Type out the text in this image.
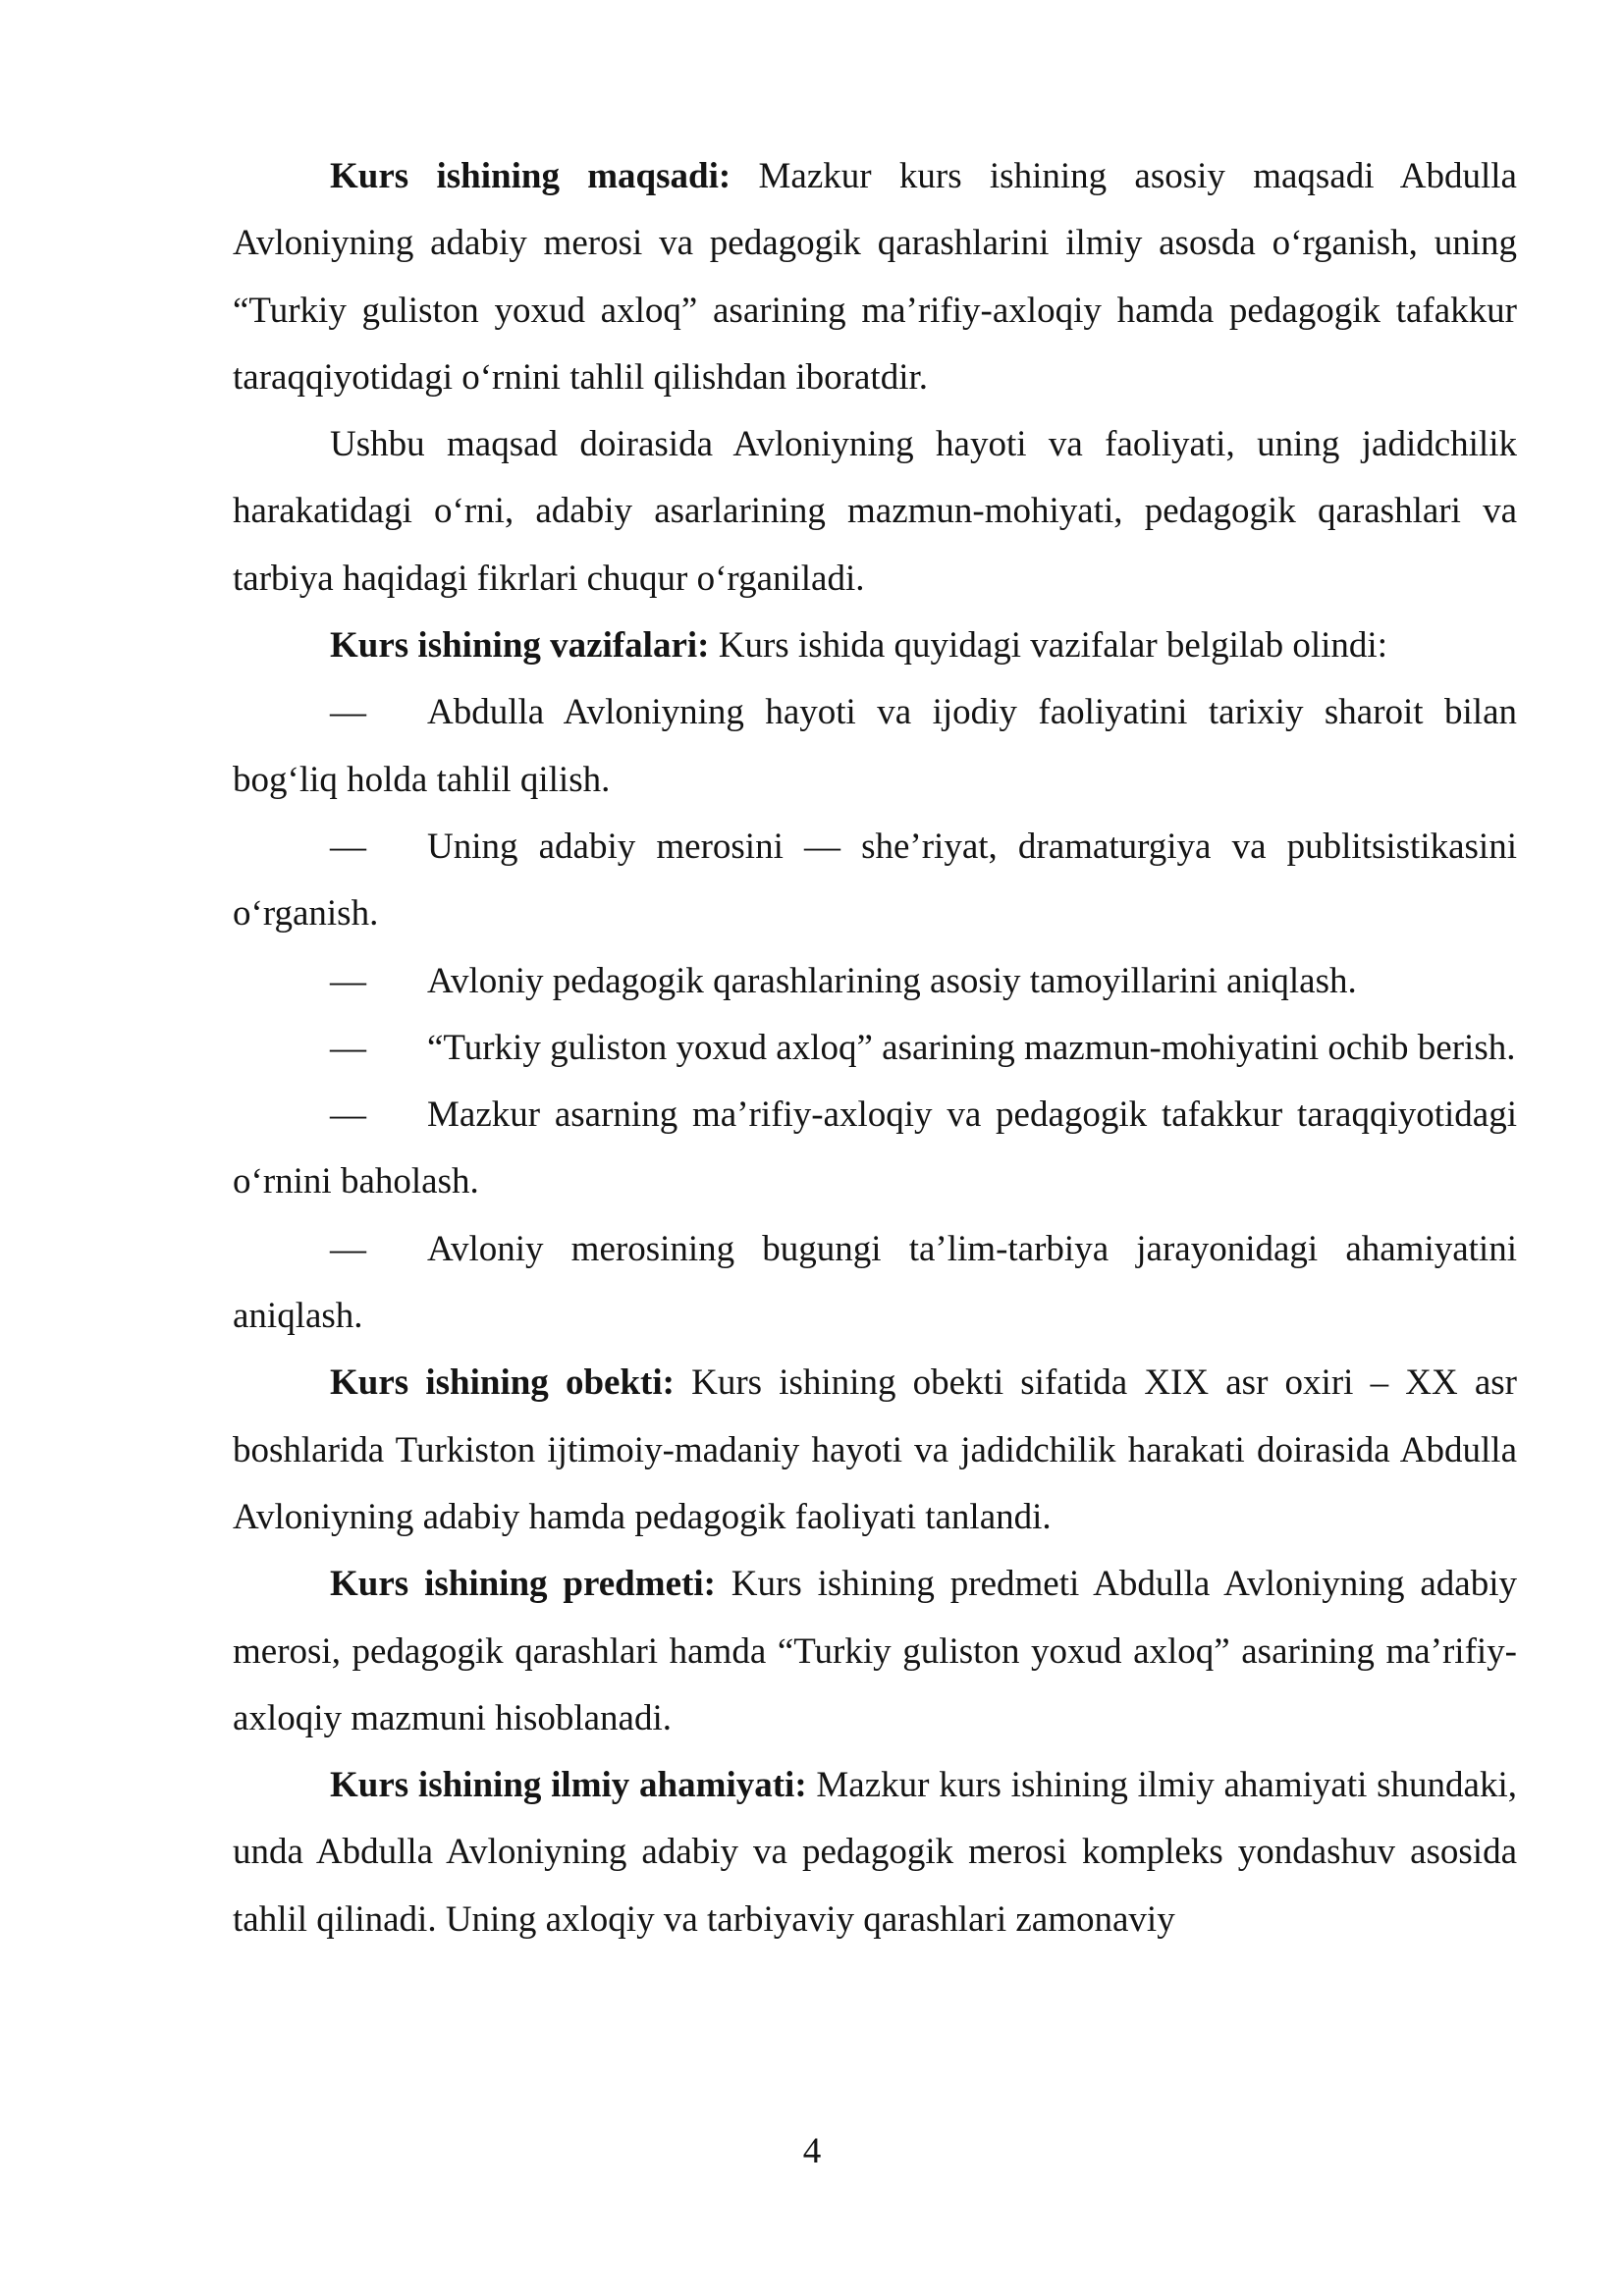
Kurs ishining maqsadi: Mazkur kurs ishining asosiy maqsadi Abdulla Avloniyning adabiy merosi va pedagogik qarashlarini ilmiy asosda o‘rganish, uning “Turkiy guliston yoxud axloq” asarining ma’rifiy-axloqiy hamda pedagogik tafakkur taraqqiyotidagi o‘rnini tahlil qilishdan iboratdir.

Ushbu maqsad doirasida Avloniyning hayoti va faoliyati, uning jadidchilik harakatidagi o‘rni, adabiy asarlarining mazmun-mohiyati, pedagogik qarashlari va tarbiya haqidagi fikrlari chuqur o‘rganiladi.

Kurs ishining vazifalari: Kurs ishida quyidagi vazifalar belgilab olindi:

— Abdulla Avloniyning hayoti va ijodiy faoliyatini tarixiy sharoit bilan bog‘liq holda tahlil qilish.

— Uning adabiy merosini — she’riyat, dramaturgiya va publitsistikasini o‘rganish.

— Avloniy pedagogik qarashlarining asosiy tamoyillarini aniqlash.

— “Turkiy guliston yoxud axloq” asarining mazmun-mohiyatini ochib berish.

— Mazkur asarning ma’rifiy-axloqiy va pedagogik tafakkur taraqqiyotidagi o‘rnini baholash.

— Avloniy merosining bugungi ta’lim-tarbiya jarayonidagi ahamiyatini aniqlash.

Kurs ishining obekti: Kurs ishining obekti sifatida XIX asr oxiri – XX asr boshlarida Turkiston ijtimoiy-madaniy hayoti va jadidchilik harakati doirasida Abdulla Avloniyning adabiy hamda pedagogik faoliyati tanlandi.

Kurs ishining predmeti: Kurs ishining predmeti Abdulla Avloniyning adabiy merosi, pedagogik qarashlari hamda “Turkiy guliston yoxud axloq” asarining ma’rifiy-axloqiy mazmuni hisoblanadi.

Kurs ishining ilmiy ahamiyati: Mazkur kurs ishining ilmiy ahamiyati shundaki, unda Abdulla Avloniyning adabiy va pedagogik merosi kompleks yondashuv asosida tahlil qilinadi. Uning axloqiy va tarbiyaviy qarashlari zamonaviy

4
